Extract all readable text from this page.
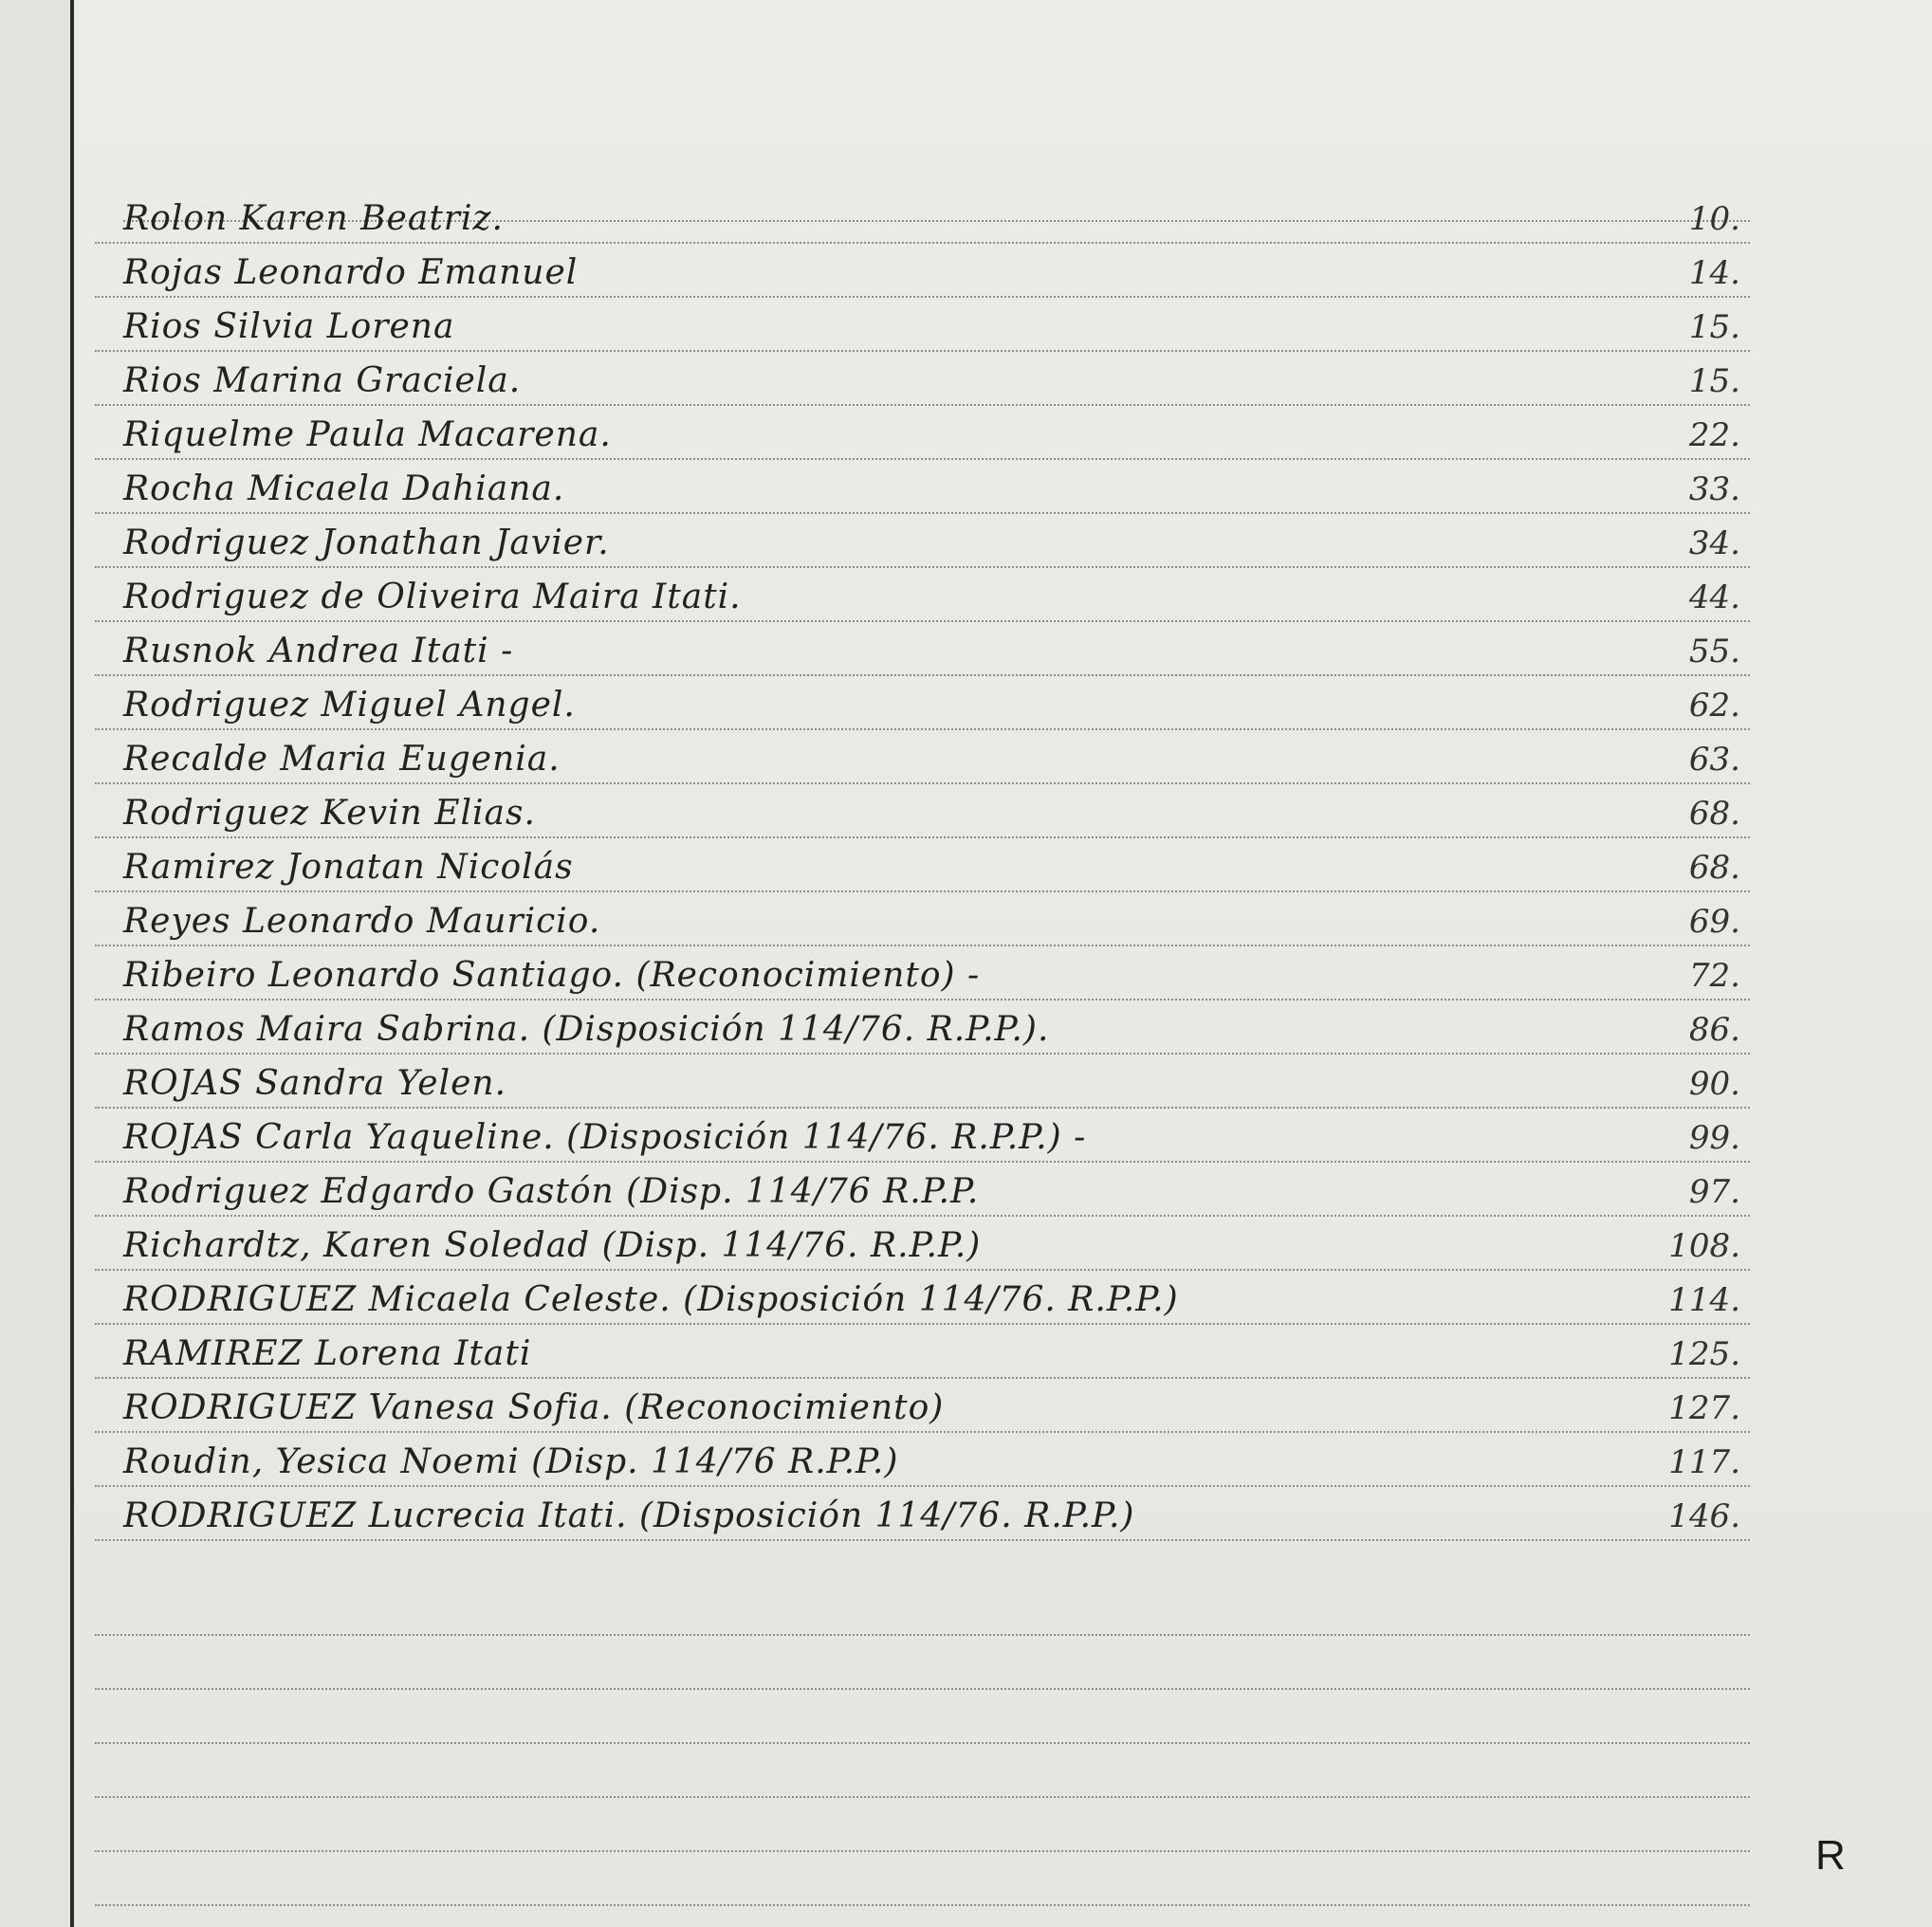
Rolon Karen Beatriz.	10.
Rojas Leonardo Emanuel	14.
Rios Silvia Lorena	15.
Rios Marina Graciela.	15.
Riquelme Paula Macarena.	22.
Rocha Micaela Dahiana.	33.
Rodriguez Jonathan Javier.	34.
Rodriguez de Oliveira Maira Itati.	44.
Rusnok Andrea Itati -	55.
Rodriguez Miguel Angel.	62.
Recalde Maria Eugenia.	63.
Rodriguez Kevin Elias.	68.
Ramirez Jonatan Nicolás	68.
Reyes Leonardo Mauricio.	69.
Ribeiro Leonardo Santiago. (Reconocimiento) -	72.
Ramos Maira Sabrina. (Disposición 114/76. R.P.P.).	86.
ROJAS Sandra Yelen.	90.
ROJAS Carla Yaqueline. (Disposición 114/76. R.P.P.) -	99.
Rodriguez Edgardo Gastón (Disp. 114/76 R.P.P.	97.
Richardtz, Karen Soledad (Disp. 114/76. R.P.P.)	108.
RODRIGUEZ Micaela Celeste. (Disposición 114/76. R.P.P.)	114.
RAMIREZ Lorena Itati	125.
RODRIGUEZ Vanesa Sofia. (Reconocimiento)	127.
Roudin, Yesica Noemi (Disp. 114/76 R.P.P.)	117.
RODRIGUEZ Lucrecia Itati. (Disposición 114/76. R.P.P.)	146.
R
